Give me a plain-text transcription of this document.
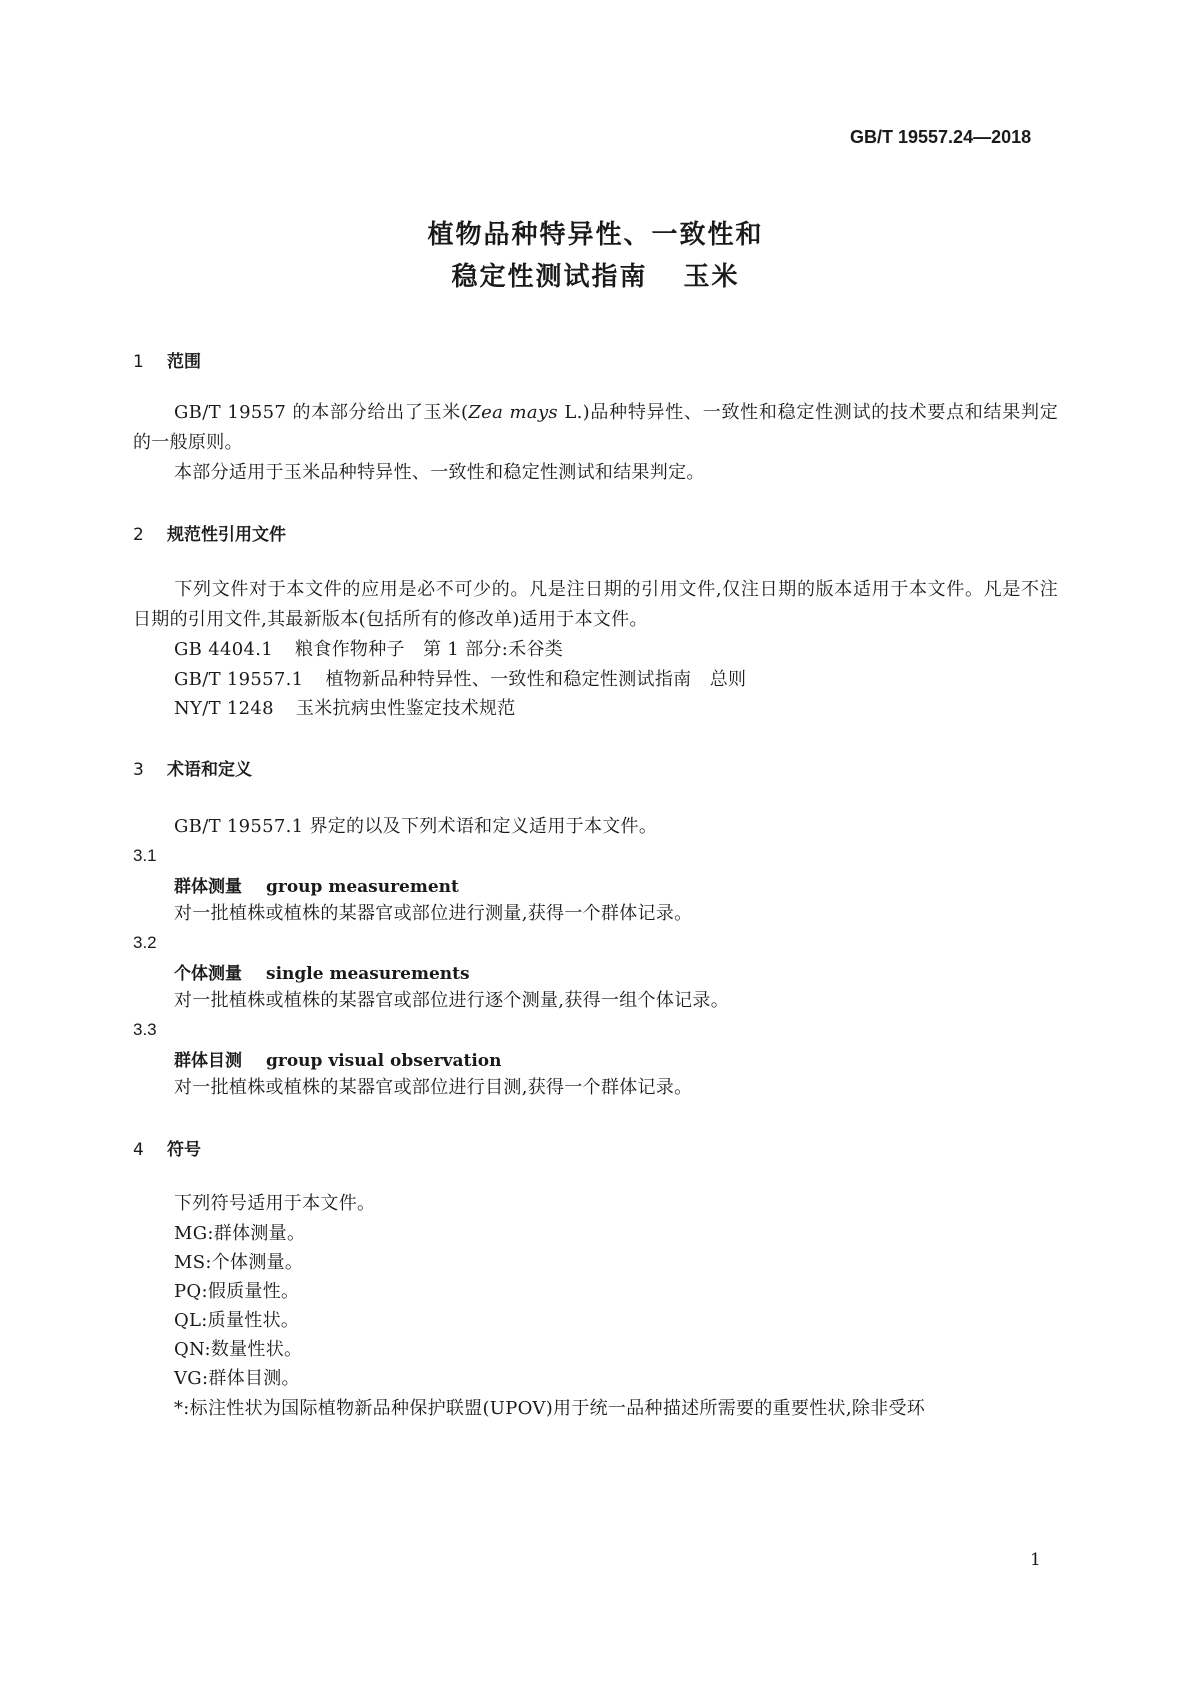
GB/T 19557.24—2018
植物品种特异性、一致性和
稳定性测试指南 玉米
1 范围
GB/T 19557 的本部分给出了玉米(Zea mays L.)品种特异性、一致性和稳定性测试的技术要点和结果判定的一般原则。
本部分适用于玉米品种特异性、一致性和稳定性测试和结果判定。
2 规范性引用文件
下列文件对于本文件的应用是必不可少的。凡是注日期的引用文件,仅注日期的版本适用于本文件。凡是不注日期的引用文件,其最新版本(包括所有的修改单)适用于本文件。
GB 4404.1 粮食作物种子　第 1 部分:禾谷类
GB/T 19557.1 植物新品种特异性、一致性和稳定性测试指南　总则
NY/T 1248 玉米抗病虫性鉴定技术规范
3 术语和定义
GB/T 19557.1 界定的以及下列术语和定义适用于本文件。
3.1
群体测量 group measurement
对一批植株或植株的某器官或部位进行测量,获得一个群体记录。
3.2
个体测量 single measurements
对一批植株或植株的某器官或部位进行逐个测量,获得一组个体记录。
3.3
群体目测 group visual observation
对一批植株或植株的某器官或部位进行目测,获得一个群体记录。
4 符号
下列符号适用于本文件。
MG:群体测量。
MS:个体测量。
PQ:假质量性。
QL:质量性状。
QN:数量性状。
VG:群体目测。
*:标注性状为国际植物新品种保护联盟(UPOV)用于统一品种描述所需要的重要性状,除非受环
1
